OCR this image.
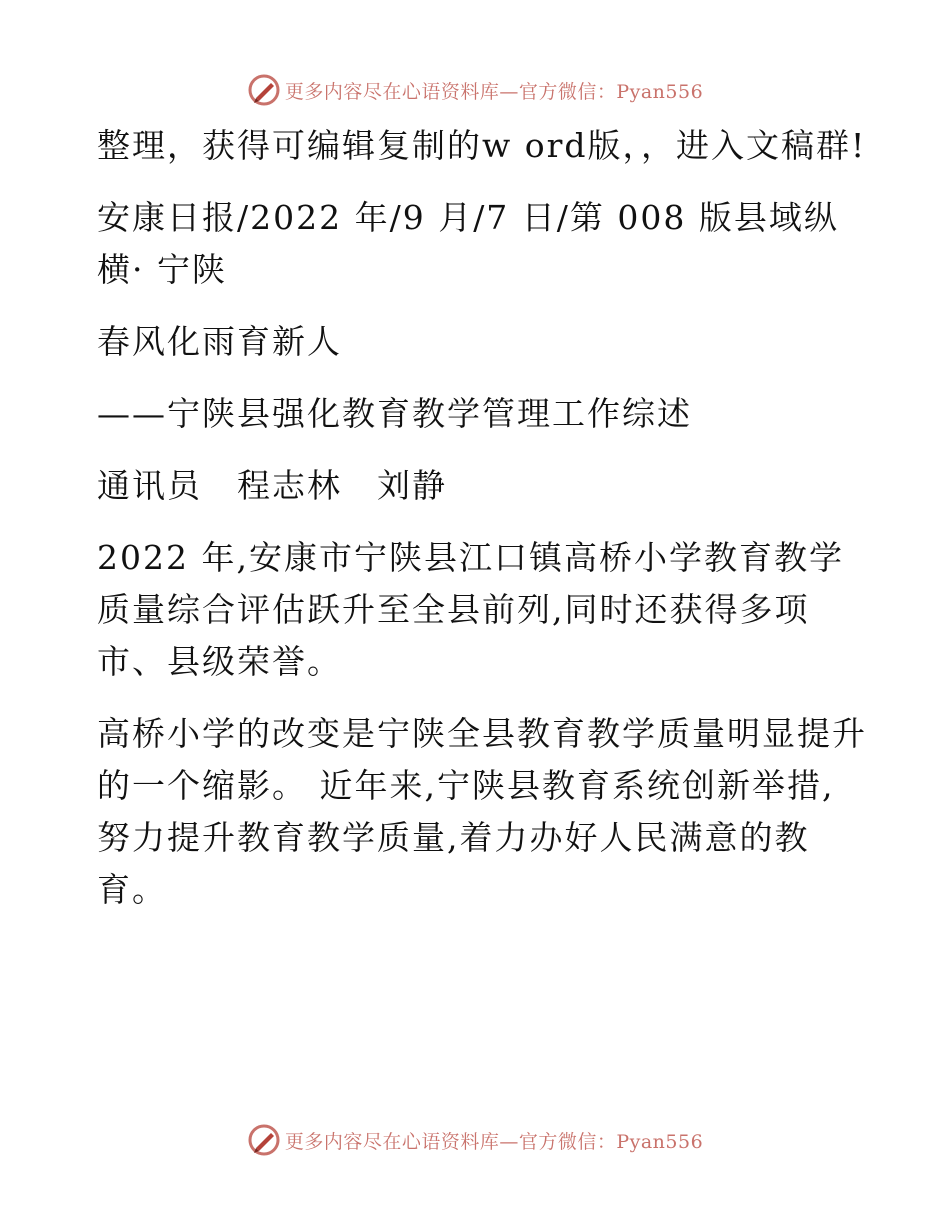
更多内容尽在心语资料库—官方微信：Pyan556

整理，获得可编辑复制的w ord版，，进入文稿群!

安康日报/2022 年/9 月/7 日/第 008 版县域纵横· 宁陕

春风化雨育新人

——宁陕县强化教育教学管理工作综述

通讯员　程志林　刘静

2022 年,安康市宁陕县江口镇高桥小学教育教学质量综合评估跃升至全县前列,同时还获得多项市、县级荣誉。

高桥小学的改变是宁陕全县教育教学质量明显提升的一个缩影。 近年来,宁陕县教育系统创新举措,努力提升教育教学质量,着力办好人民满意的教育。

更多内容尽在心语资料库—官方微信：Pyan556
